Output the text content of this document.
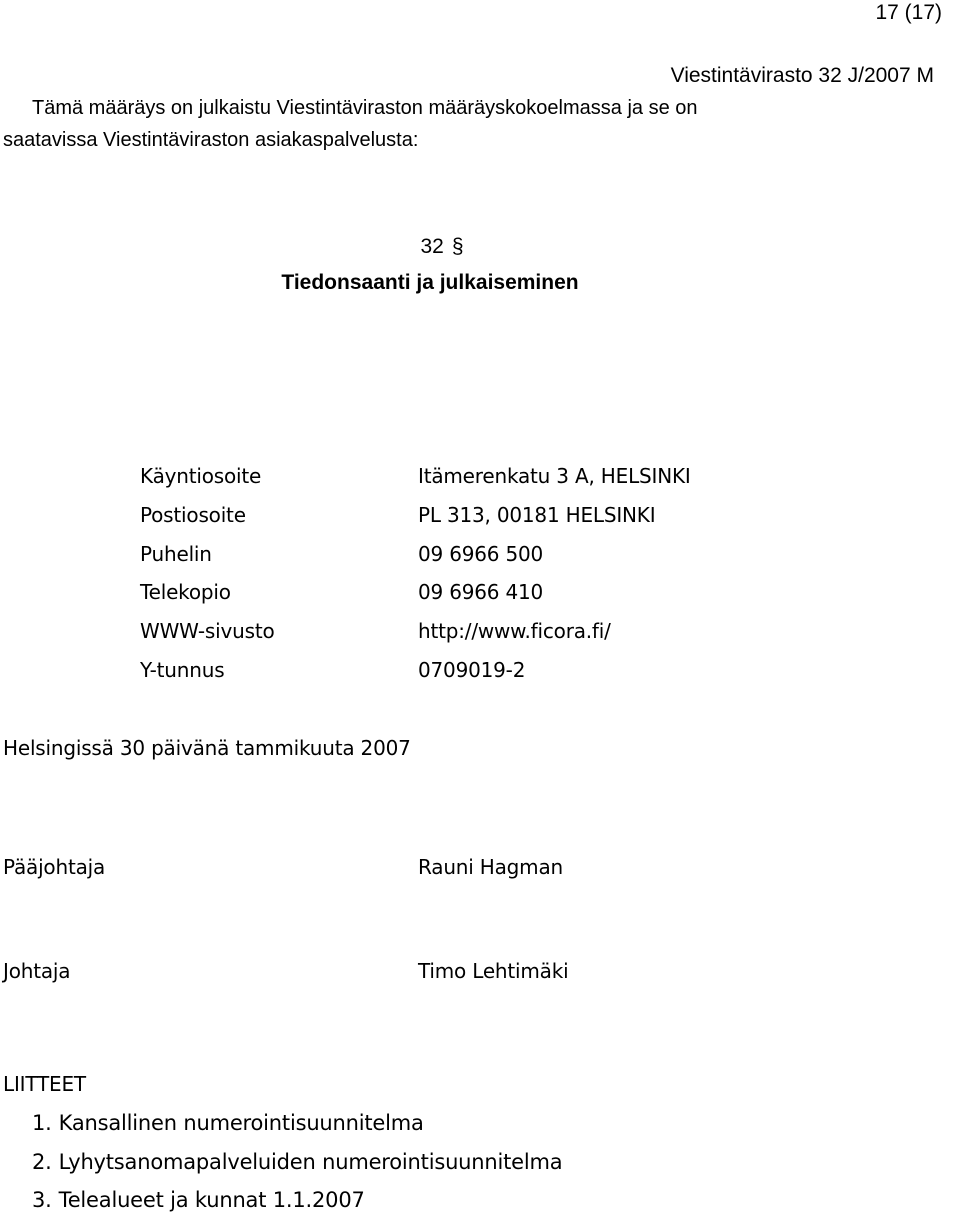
17 (17)
Viestintävirasto 32 J/2007 M
Tämä määräys on julkaistu Viestintäviraston määräyskokoelmassa ja se on
saatavissa Viestintäviraston asiakaspalvelusta:
32 §
Tiedonsaanti ja julkaiseminen
Käyntiosoite	Itämerenkatu 3 A, HELSINKI
Postiosoite	PL 313, 00181 HELSINKI
Puhelin	09 6966 500
Telekopio	09 6966 410
WWW-sivusto	http://www.ficora.fi/
Y-tunnus	0709019-2
Helsingissä 30 päivänä tammikuuta 2007
Pääjohtaja	Rauni Hagman
Johtaja	Timo Lehtimäki
LIITTEET
1. Kansallinen numerointisuunnitelma
2. Lyhytsanomapalveluiden numerointisuunnitelma
3. Telealueet ja kunnat 1.1.2007
